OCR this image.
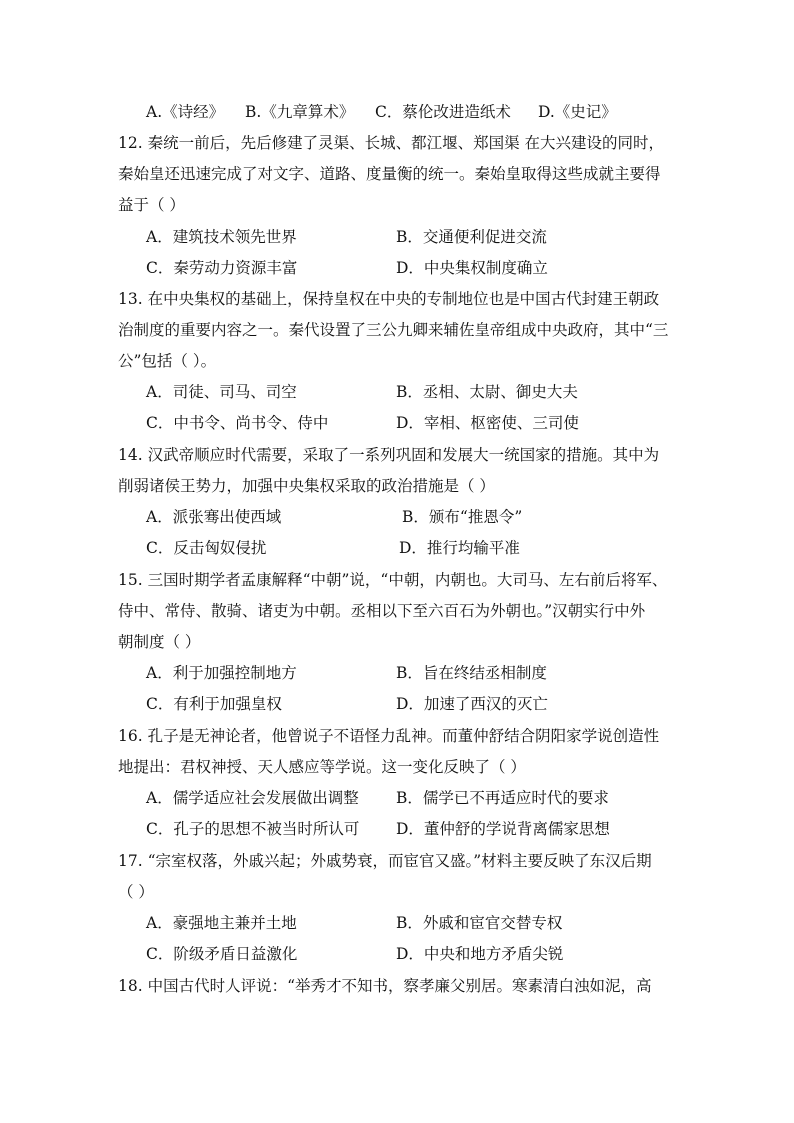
A.《诗经》 B.《九章算术》 C．蔡伦改进造纸术 D.《史记》
12. 秦统一前后，先后修建了灵渠、长城、都江堰、郑国渠 在大兴建设的同时，
秦始皇还迅速完成了对文字、道路、度量衡的统一。秦始皇取得这些成就主要得
益于（ ）
A．建筑技术领先世界	B．交通便利促进交流
C．秦劳动力资源丰富	D．中央集权制度确立
13. 在中央集权的基础上，保持皇权在中央的专制地位也是中国古代封建王朝政
治制度的重要内容之一。秦代设置了三公九卿来辅佐皇帝组成中央政府，其中“三
公”包括（ ）。
A．司徒、司马、司空	B．丞相、太尉、御史大夫
C．中书令、尚书令、侍中	D．宰相、枢密使、三司使
14. 汉武帝顺应时代需要，采取了一系列巩固和发展大一统国家的措施。其中为
削弱诸侯王势力，加强中央集权采取的政治措施是（ ）
A．派张骞出使西域	B．颁布“推恩令”
C．反击匈奴侵扰	D．推行均输平准
15. 三国时期学者孟康解释“中朝”说，“中朝，内朝也。大司马、左右前后将军、
侍中、常侍、散骑、诸吏为中朝。丞相以下至六百石为外朝也。”汉朝实行中外
朝制度（ ）
A．利于加强控制地方	B．旨在终结丞相制度
C．有利于加强皇权	D．加速了西汉的灭亡
16. 孔子是无神论者，他曾说子不语怪力乱神。而董仲舒结合阴阳家学说创造性
地提出：君权神授、天人感应等学说。这一变化反映了（ ）
A．儒学适应社会发展做出调整 B．儒学已不再适应时代的要求
C．孔子的思想不被当时所认可 D．董仲舒的学说背离儒家思想
17. “宗室权落，外戚兴起；外戚势衰，而宦官又盛。”材料主要反映了东汉后期
（ ）
A．豪强地主兼并土地	B．外戚和宦官交替专权
C．阶级矛盾日益激化	D．中央和地方矛盾尖锐
18. 中国古代时人评说：“举秀才不知书，察孝廉父别居。寒素清白浊如泥，高
